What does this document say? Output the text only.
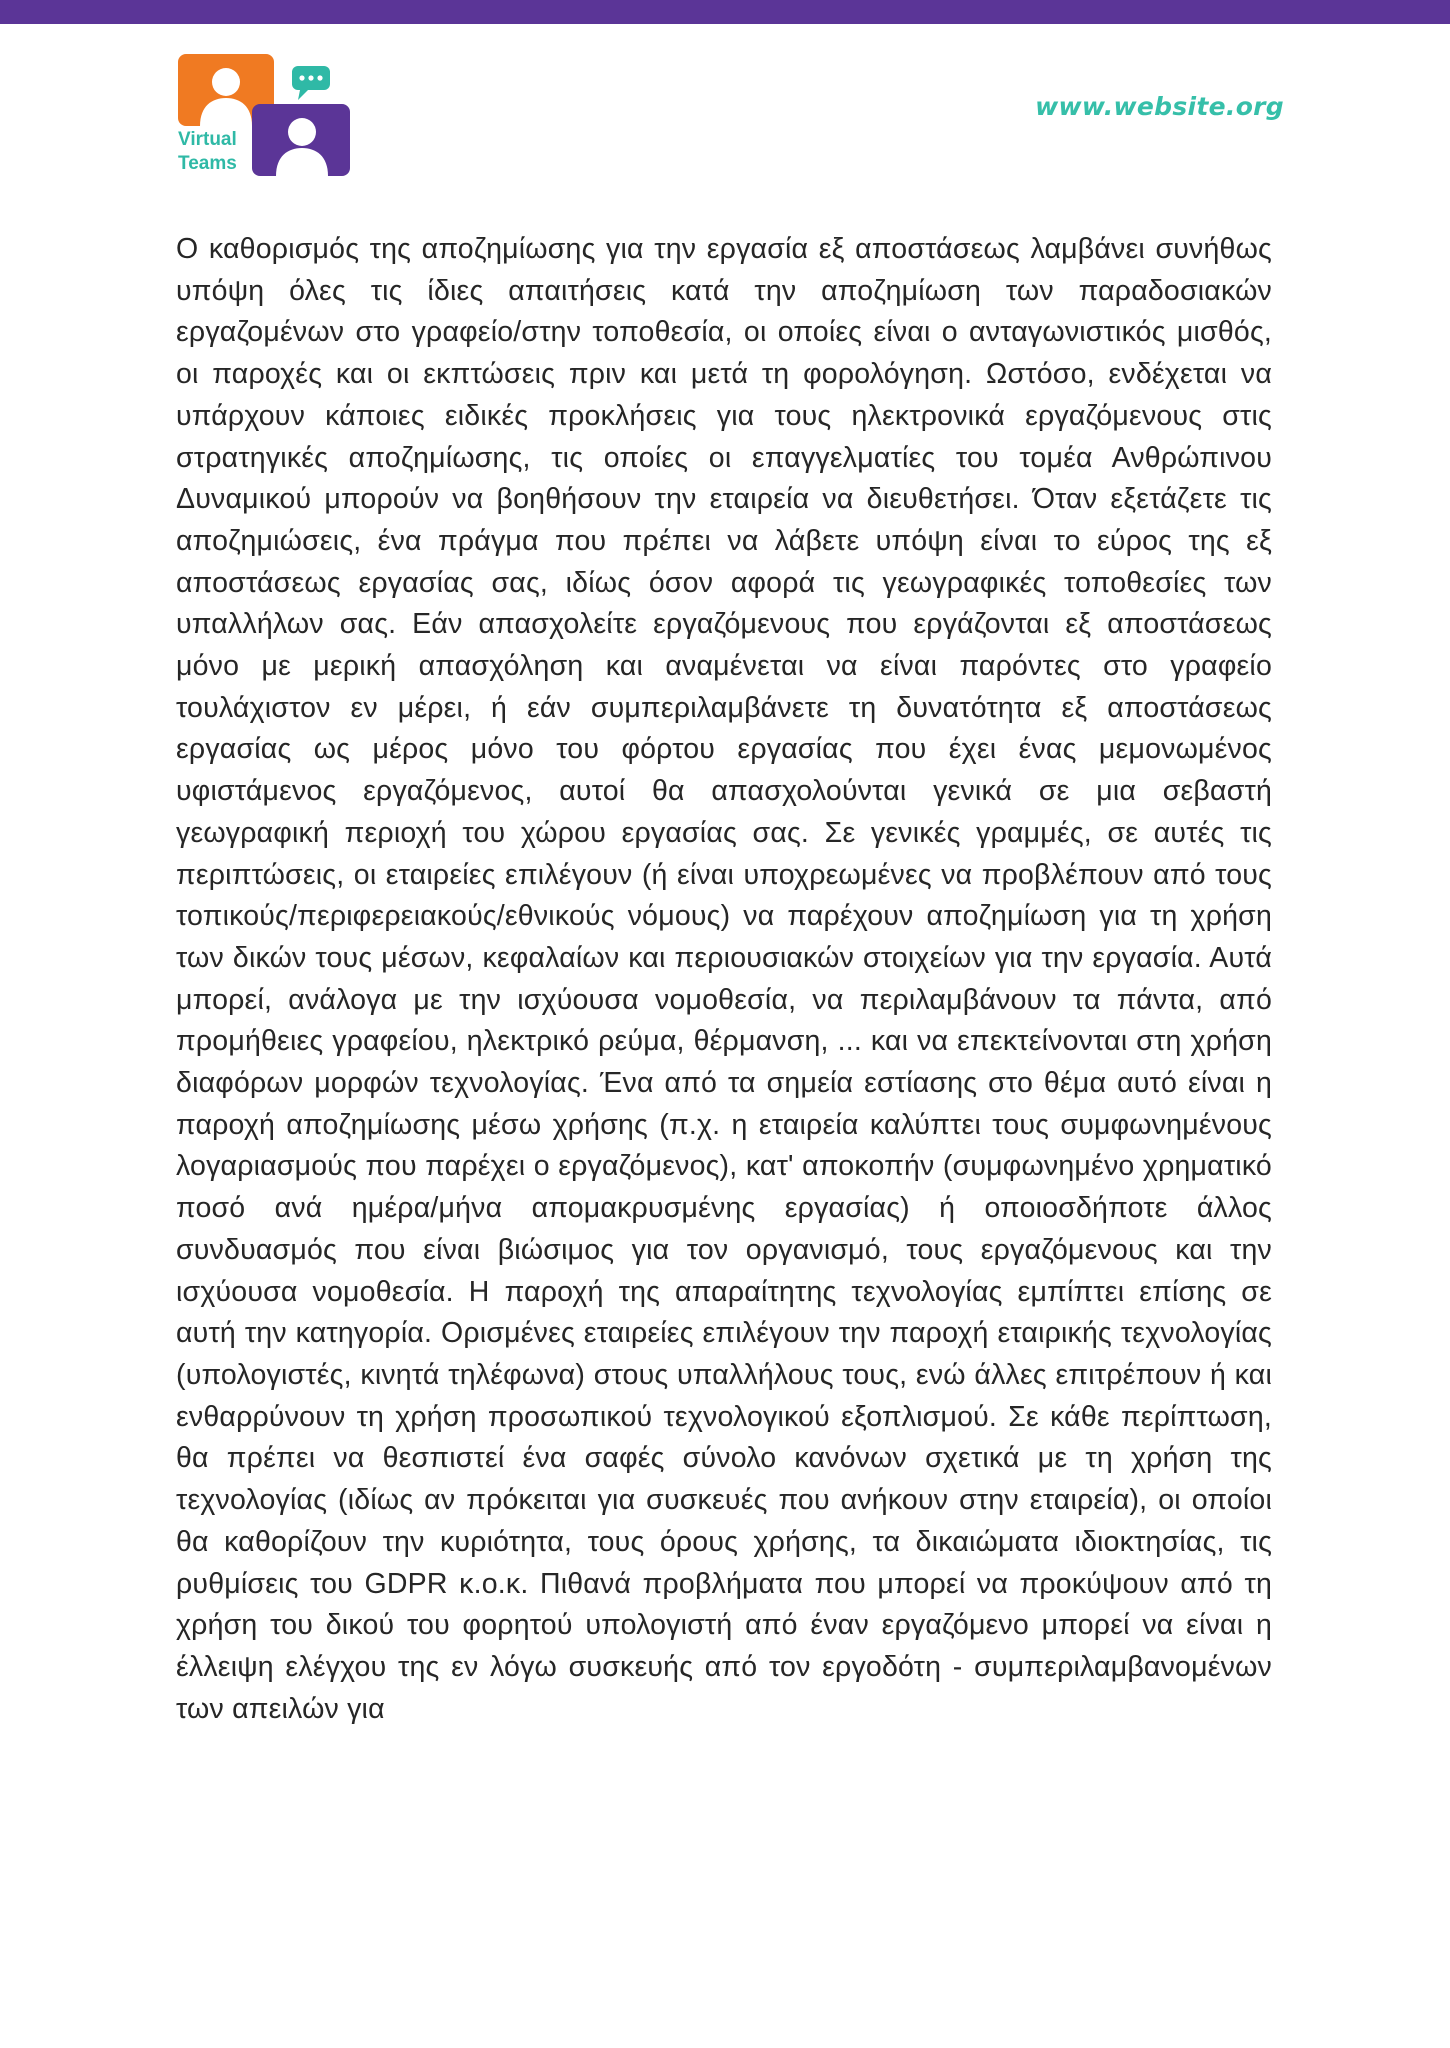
Virtual
Teams
www.website.org

Ο καθορισμός της αποζημίωσης για την εργασία εξ αποστάσεως λαμβάνει συνήθως υπόψη όλες τις ίδιες απαιτήσεις κατά την αποζημίωση των παραδοσιακών εργαζομένων στο γραφείο/στην τοποθεσία, οι οποίες είναι ο ανταγωνιστικός μισθός, οι παροχές και οι εκπτώσεις πριν και μετά τη φορολόγηση. Ωστόσο, ενδέχεται να υπάρχουν κάποιες ειδικές προκλήσεις για τους ηλεκτρονικά εργαζόμενους στις στρατηγικές αποζημίωσης, τις οποίες οι επαγγελματίες του τομέα Ανθρώπινου Δυναμικού μπορούν να βοηθήσουν την εταιρεία να διευθετήσει. Όταν εξετάζετε τις αποζημιώσεις, ένα πράγμα που πρέπει να λάβετε υπόψη είναι το εύρος της εξ αποστάσεως εργασίας σας, ιδίως όσον αφορά τις γεωγραφικές τοποθεσίες των υπαλλήλων σας. Εάν απασχολείτε εργαζόμενους που εργάζονται εξ αποστάσεως μόνο με μερική απασχόληση και αναμένεται να είναι παρόντες στο γραφείο τουλάχιστον εν μέρει, ή εάν συμπεριλαμβάνετε τη δυνατότητα εξ αποστάσεως εργασίας ως μέρος μόνο του φόρτου εργασίας που έχει ένας μεμονωμένος υφιστάμενος εργαζόμενος, αυτοί θα απασχολούνται γενικά σε μια σεβαστή γεωγραφική περιοχή του χώρου εργασίας σας. Σε γενικές γραμμές, σε αυτές τις περιπτώσεις, οι εταιρείες επιλέγουν (ή είναι υποχρεωμένες να προβλέπουν από τους τοπικούς/περιφερειακούς/εθνικούς νόμους) να παρέχουν αποζημίωση για τη χρήση των δικών τους μέσων, κεφαλαίων και περιουσιακών στοιχείων για την εργασία. Αυτά μπορεί, ανάλογα με την ισχύουσα νομοθεσία, να περιλαμβάνουν τα πάντα, από προμήθειες γραφείου, ηλεκτρικό ρεύμα, θέρμανση, ... και να επεκτείνονται στη χρήση διαφόρων μορφών τεχνολογίας. Ένα από τα σημεία εστίασης στο θέμα αυτό είναι η παροχή αποζημίωσης μέσω χρήσης (π.χ. η εταιρεία καλύπτει τους συμφωνημένους λογαριασμούς που παρέχει ο εργαζόμενος), κατ' αποκοπήν (συμφωνημένο χρηματικό ποσό ανά ημέρα/μήνα απομακρυσμένης εργασίας) ή οποιοσδήποτε άλλος συνδυασμός που είναι βιώσιμος για τον οργανισμό, τους εργαζόμενους και την ισχύουσα νομοθεσία. Η παροχή της απαραίτητης τεχνολογίας εμπίπτει επίσης σε αυτή την κατηγορία. Ορισμένες εταιρείες επιλέγουν την παροχή εταιρικής τεχνολογίας (υπολογιστές, κινητά τηλέφωνα) στους υπαλλήλους τους, ενώ άλλες επιτρέπουν ή και ενθαρρύνουν τη χρήση προσωπικού τεχνολογικού εξοπλισμού. Σε κάθε περίπτωση, θα πρέπει να θεσπιστεί ένα σαφές σύνολο κανόνων σχετικά με τη χρήση της τεχνολογίας (ιδίως αν πρόκειται για συσκευές που ανήκουν στην εταιρεία), οι οποίοι θα καθορίζουν την κυριότητα, τους όρους χρήσης, τα δικαιώματα ιδιοκτησίας, τις ρυθμίσεις του GDPR κ.ο.κ. Πιθανά προβλήματα που μπορεί να προκύψουν από τη χρήση του δικού του φορητού υπολογιστή από έναν εργαζόμενο μπορεί να είναι η έλλειψη ελέγχου της εν λόγω συσκευής από τον εργοδότη - συμπεριλαμβανομένων των απειλών για
